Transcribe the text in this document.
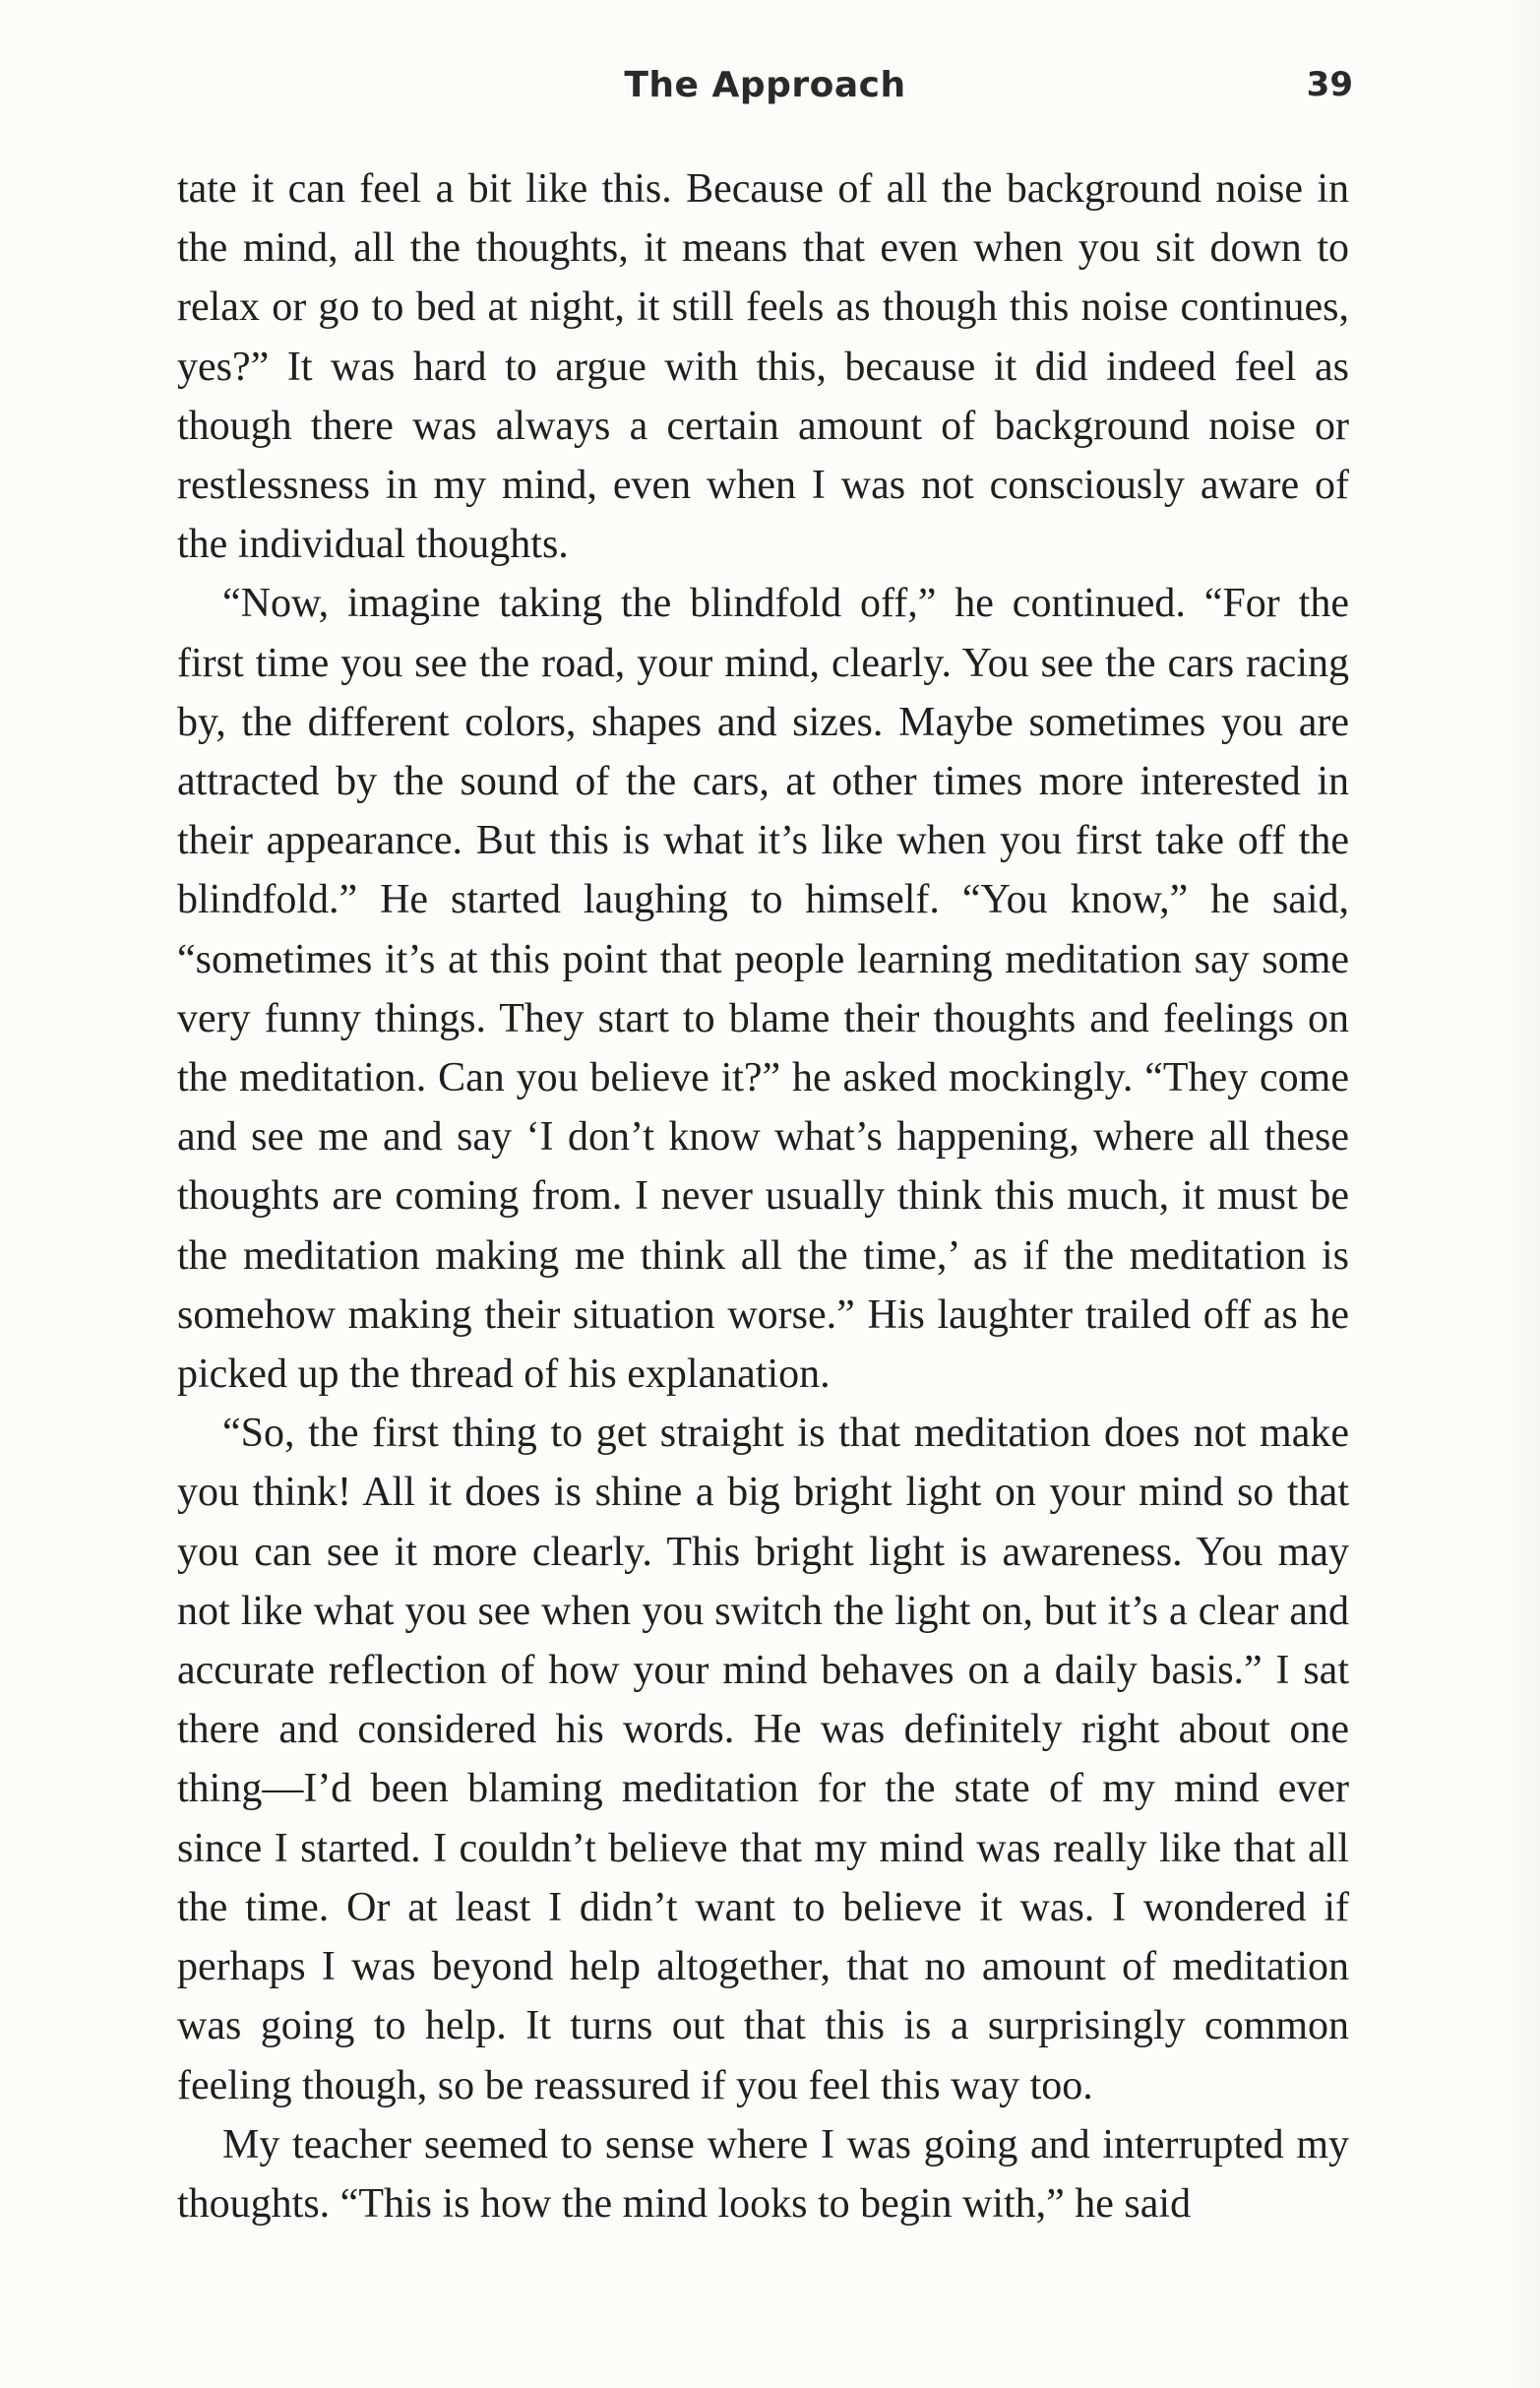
The Approach	39

tate it can feel a bit like this. Because of all the background noise in the mind, all the thoughts, it means that even when you sit down to relax or go to bed at night, it still feels as though this noise continues, yes?” It was hard to argue with this, because it did indeed feel as though there was always a certain amount of background noise or restlessness in my mind, even when I was not consciously aware of the individual thoughts.

“Now, imagine taking the blindfold off,” he continued. “For the first time you see the road, your mind, clearly. You see the cars racing by, the different colors, shapes and sizes. Maybe sometimes you are attracted by the sound of the cars, at other times more interested in their appearance. But this is what it’s like when you first take off the blindfold.” He started laughing to himself. “You know,” he said, “sometimes it’s at this point that people learning meditation say some very funny things. They start to blame their thoughts and feelings on the meditation. Can you believe it?” he asked mockingly. “They come and see me and say ‘I don’t know what’s happening, where all these thoughts are coming from. I never usually think this much, it must be the meditation making me think all the time,’ as if the meditation is somehow making their situation worse.” His laughter trailed off as he picked up the thread of his explanation.

“So, the first thing to get straight is that meditation does not make you think! All it does is shine a big bright light on your mind so that you can see it more clearly. This bright light is awareness. You may not like what you see when you switch the light on, but it’s a clear and accurate reflection of how your mind behaves on a daily basis.” I sat there and considered his words. He was definitely right about one thing—I’d been blaming meditation for the state of my mind ever since I started. I couldn’t believe that my mind was really like that all the time. Or at least I didn’t want to believe it was. I wondered if perhaps I was beyond help altogether, that no amount of meditation was going to help. It turns out that this is a surprisingly common feeling though, so be reassured if you feel this way too.

My teacher seemed to sense where I was going and interrupted my thoughts. “This is how the mind looks to begin with,” he said
